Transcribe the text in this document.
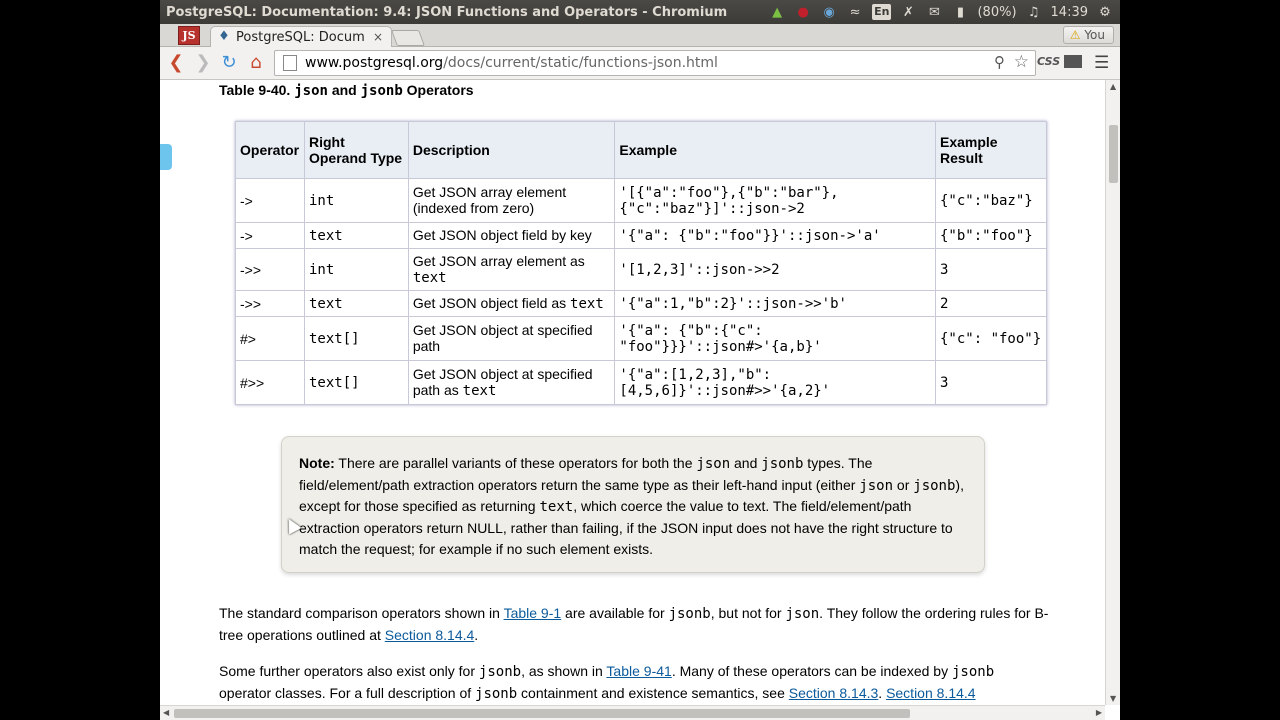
PostgreSQL: Documentation: 9.4: JSON Functions and Operators - Chromium	▲	● ◉ ≈	En ✗ ✉	▮	(80%) ♫ 14:39 ⚙
JS	♦ PostgreSQL: Docum ×	⚠ You
❮ ❯ ↻ ⌂	www.postgresql.org /docs/current/static/functions-json.html	⚲ ☆ CSS ☰
Table 9-40. json and jsonb Operators
Operator	Right Operand Type	Description	Example	Example Result
->	int	Get JSON array element (indexed from zero)	'[{"a":"foo"},{"b":"bar"},{"c":"baz"}]'::json->2	{"c":"baz"}
->	text	Get JSON object field by key	'{"a": {"b":"foo"}}'::json->'a'	{"b":"foo"}
->>	int	Get JSON array element as text	'[1,2,3]'::json->>2	3
->>	text	Get JSON object field as text	'{"a":1,"b":2}'::json->>'b'	2
#>	text[]	Get JSON object at specified path	'{"a": {"b":{"c": "foo"}}}'::json#>'{a,b}'	{"c": "foo"}
#>>	text[]	Get JSON object at specified path as text	'{"a":[1,2,3],"b":[4,5,6]}'::json#>>'{a,2}'	3
Note: There are parallel variants of these operators for both the json and jsonb types. The field/element/path extraction operators return the same type as their left-hand input (either json or jsonb), except for those specified as returning text, which coerce the value to text. The field/element/path extraction operators return NULL, rather than failing, if the JSON input does not have the right structure to match the request; for example if no such element exists.
The standard comparison operators shown in Table 9-1 are available for jsonb, but not for json. They follow the ordering rules for B-tree operations outlined at Section 8.14.4.
Some further operators also exist only for jsonb, as shown in Table 9-41. Many of these operators can be indexed by jsonb operator classes. For a full description of jsonb containment and existence semantics, see Section 8.14.3. Section 8.14.4
▲
▼
◀	▶
